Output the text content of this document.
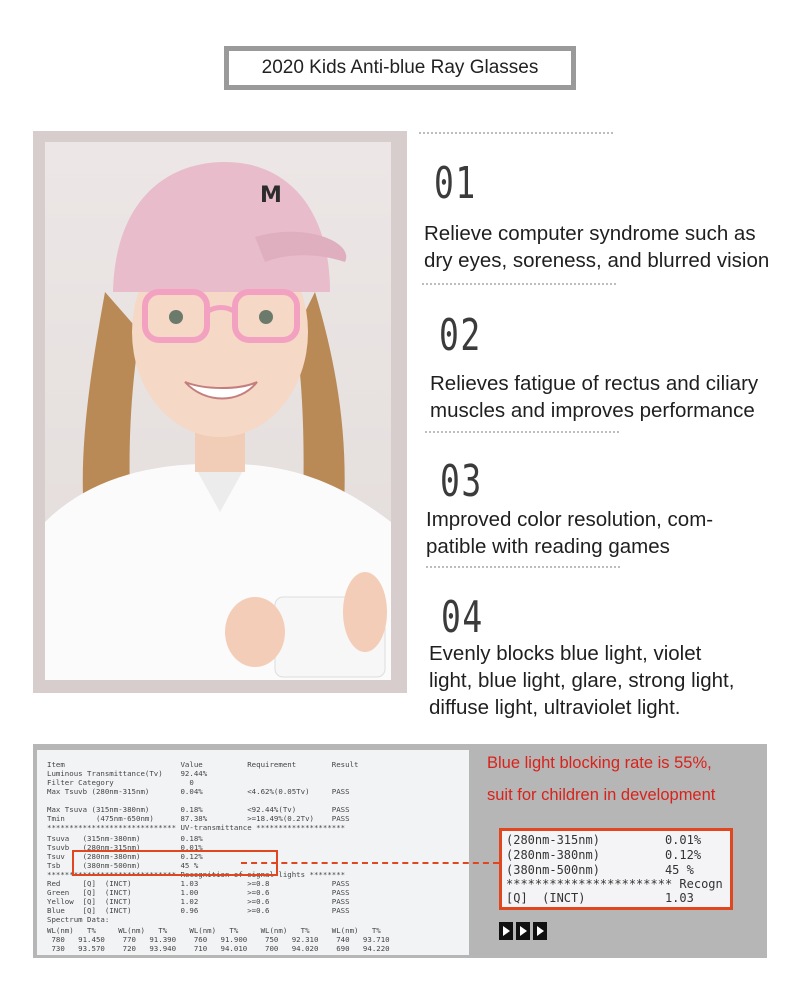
2020 Kids Anti-blue Ray Glasses
M	01
Relieve computer syndrome such as
dry eyes, soreness, and blurred vision
02
Relieves fatigue of rectus and ciliary
muscles and improves performance
03
Improved color resolution, com-
patible with reading games
04
Evenly blocks blue light, violet
light, blue light, glare, strong light,
diffuse light, ultraviolet light.
Item                          Value          Requirement        Result
Luminous Transmittance(Tv)    92.44%
Filter Category                 0
Max Tsuvb (280nm-315nm)       0.04%          <4.62%(0.05Tv)     PASS
Max Tsuva (315nm-380nm)       0.18%          <92.44%(Tv)        PASS
Tmin       (475nm-650nm)      87.38%         >=18.49%(0.2Tv)    PASS
***************************** UV-transmittance ********************
Tsuva   (315nm-380nm)         0.18%
Tsuvb   (280nm-315nm)         0.01%
Tsuv    (280nm-380nm)         0.12%
Tsb     (380nm-500nm)         45 %
***************************** Recognition of signal lights ********
Red     [Q]  (INCT)           1.03           >=0.8              PASS
Green   [Q]  (INCT)           1.00           >=0.6              PASS
Yellow  [Q]  (INCT)           1.02           >=0.6              PASS
Blue    [Q]  (INCT)           0.96           >=0.6              PASS
Spectrum Data:
WL(nm)   T%     WL(nm)   T%     WL(nm)   T%     WL(nm)   T%     WL(nm)   T%
780   91.450    770   91.390    760   91.900    750   92.310    740   93.710
730   93.570    720   93.940    710   94.010    700   94.020    690   94.220
Blue light blocking rate is 55%,
suit for children in development
(280nm-315nm)         0.01%
(280nm-380nm)         0.12%
(380nm-500nm)         45 %
*********************** Recogn
[Q]  (INCT)           1.03
